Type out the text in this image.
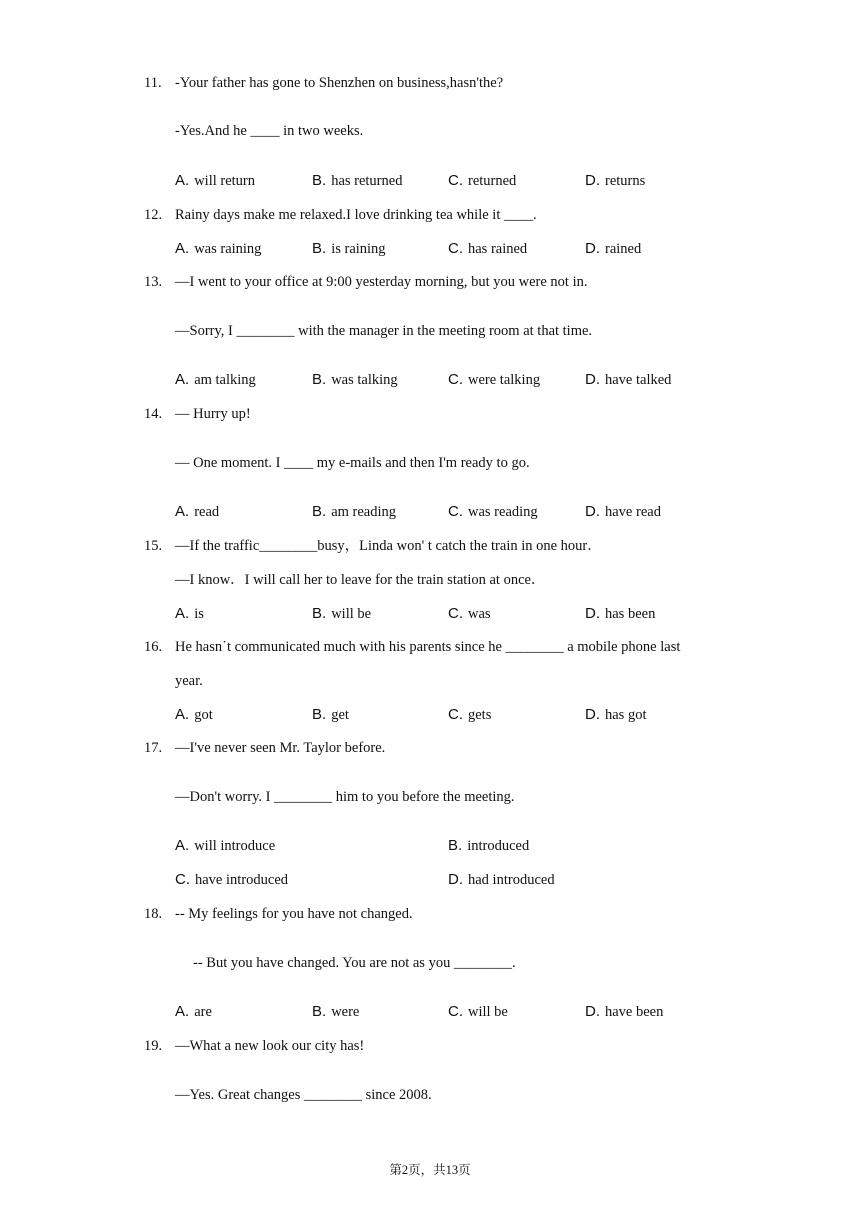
11. -Your father has gone to Shenzhen on business,hasn'the?
-Yes.And he ____ in two weeks.
A. will return	B. has returned	C. returned	D. returns
12. Rainy days make me relaxed.I love drinking tea while it ____.
A. was raining	B. is raining	C. has rained	D. rained
13. —I went to your office at 9:00 yesterday morning, but you were not in.
—Sorry, I ________ with the manager in the meeting room at that time.
A. am talking	B. was talking	C. were talking	D. have talked
14. — Hurry up!
— One moment. I ____ my e-mails and then I'm ready to go.
A. read	B. am reading	C. was reading	D. have read
15. —If the traffic________busy，Linda won' t catch the train in one hour．
—I know．I will call her to leave for the train station at once．
A. is	B. will be	C. was	D. has been
16. He hasn˙t communicated much with his parents since he ________ a mobile phone last
year.
A. got	B. get	C. gets	D. has got
17. —I've never seen Mr. Taylor before.
—Don't worry. I ________ him to you before the meeting.
A. will introduce	B. introduced
C. have introduced	D. had introduced
18. -- My feelings for you have not changed.
-- But you have changed. You are not as you ________.
A. are	B. were	C. will be	D. have been
19. —What a new look our city has!
—Yes. Great changes ________ since 2008.
第2页，共13页
